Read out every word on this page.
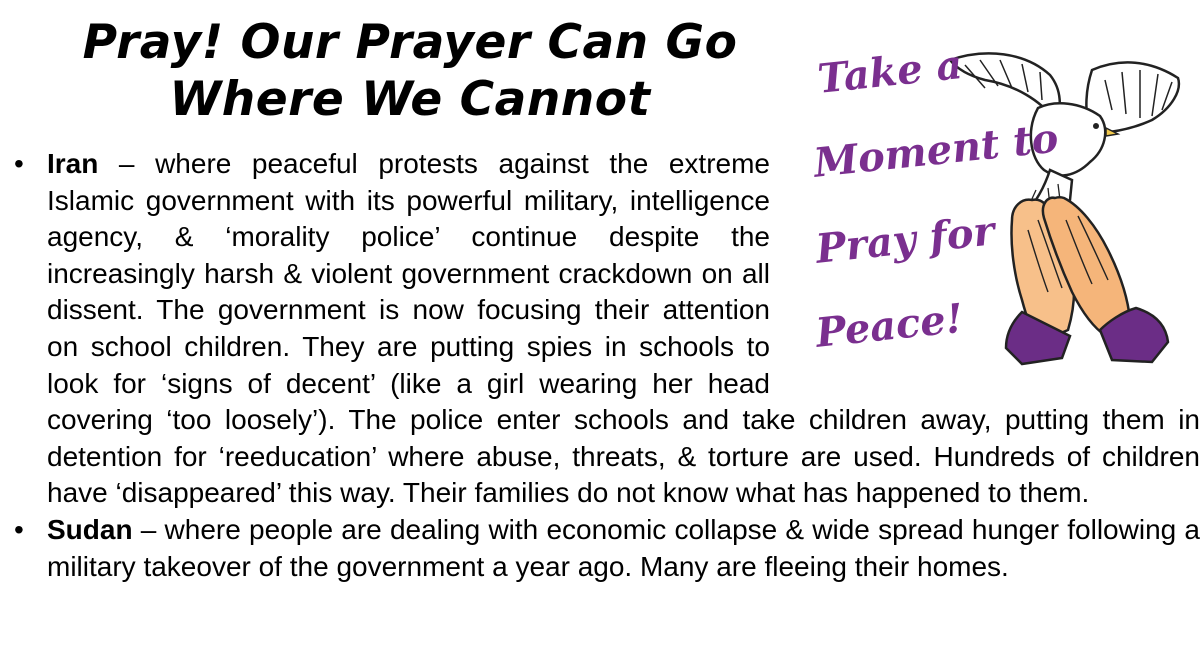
Pray! Our Prayer Can Go
Where We Cannot	Take a
Moment to
Pray for
Peace!
• Iran – where peaceful protests against the extreme Islamic government with its powerful military, intelligence agency, & ‘morality police’ continue despite the increasingly harsh & violent government crackdown on all dissent. The government is now focusing their attention on school children. They are putting spies in schools to look for ‘signs of decent’ (like a girl wearing her head covering ‘too loosely’). The police enter schools and take children away, putting them in detention for ‘reeducation’ where abuse, threats, & torture are used. Hundreds of children have ‘disappeared’ this way. Their families do not know what has happened to them.
• Sudan – where people are dealing with economic collapse & wide spread hunger following a military takeover of the government a year ago. Many are fleeing their homes.
